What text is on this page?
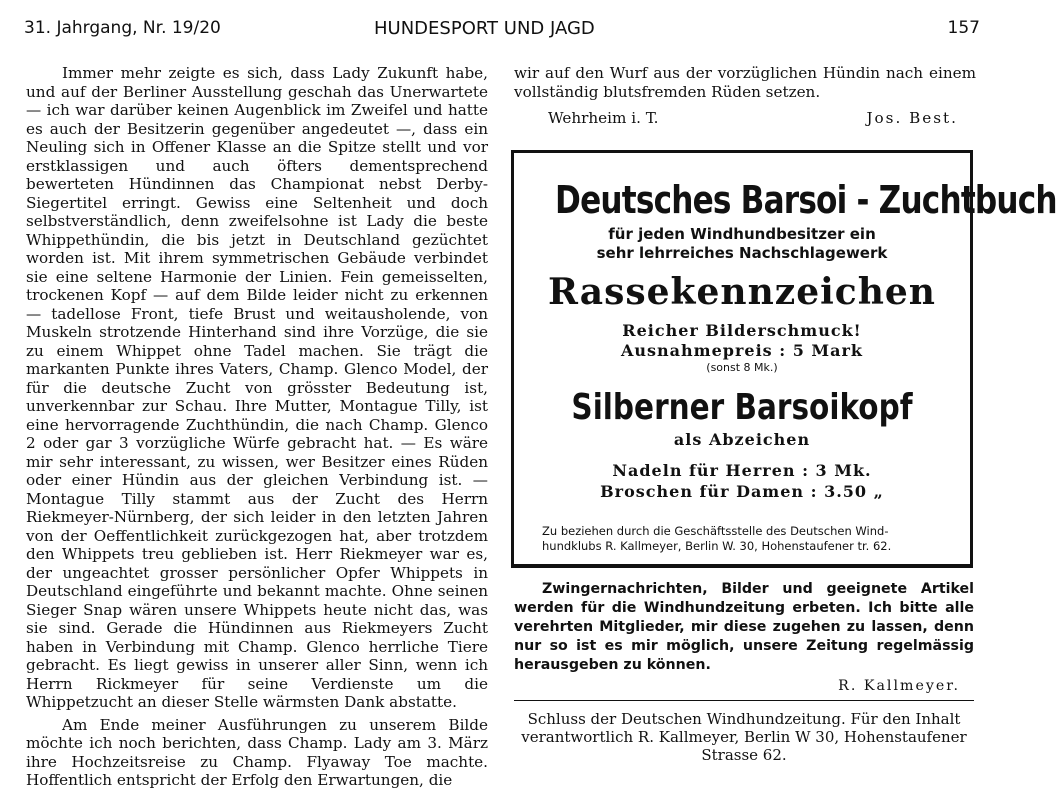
31. Jahrgang, Nr. 19/20	HUNDESPORT UND JAGD	157

Immer mehr zeigte es sich, dass Lady Zukunft habe, und auf der Berliner Ausstellung geschah das Unerwartete — ich war darüber keinen Augenblick im Zweifel und hatte es auch der Besitzerin gegenüber angedeutet —, dass ein Neuling sich in Offener Klasse an die Spitze stellt und vor erstklassigen und auch öfters dementsprechend bewerteten Hündinnen das Championat nebst Derby-Siegertitel erringt. Gewiss eine Seltenheit und doch selbstverständlich, denn zweifelsohne ist Lady die beste Whippethündin, die bis jetzt in Deutschland gezüchtet worden ist. Mit ihrem symmetrischen Gebäude verbindet sie eine seltene Harmonie der Linien. Fein gemeisselten, trockenen Kopf — auf dem Bilde leider nicht zu erkennen — tadellose Front, tiefe Brust und weitausholende, von Muskeln strotzende Hinterhand sind ihre Vorzüge, die sie zu einem Whippet ohne Tadel machen. Sie trägt die markanten Punkte ihres Vaters, Champ. Glenco Model, der für die deutsche Zucht von grösster Bedeutung ist, unverkennbar zur Schau. Ihre Mutter, Montague Tilly, ist eine hervorragende Zuchthündin, die nach Champ. Glenco 2 oder gar 3 vorzügliche Würfe gebracht hat. — Es wäre mir sehr interessant, zu wissen, wer Besitzer eines Rüden oder einer Hündin aus der gleichen Verbindung ist. — Montague Tilly stammt aus der Zucht des Herrn Riekmeyer-Nürnberg, der sich leider in den letzten Jahren von der Oeffentlichkeit zurückgezogen hat, aber trotzdem den Whippets treu geblieben ist. Herr Riekmeyer war es, der ungeachtet grosser persönlicher Opfer Whippets in Deutschland eingeführte und bekannt machte. Ohne seinen Sieger Snap wären unsere Whippets heute nicht das, was sie sind. Gerade die Hündinnen aus Riekmeyers Zucht haben in Verbindung mit Champ. Glenco herrliche Tiere gebracht. Es liegt gewiss in unserer aller Sinn, wenn ich Herrn Rickmeyer für seine Verdienste um die Whippetzucht an dieser Stelle wärmsten Dank abstatte.

Am Ende meiner Ausführungen zu unserem Bilde möchte ich noch berichten, dass Champ. Lady am 3. März ihre Hochzeitsreise zu Champ. Flyaway Toe machte. Hoffentlich entspricht der Erfolg den Erwartungen, die

wir auf den Wurf aus der vorzüglichen Hündin nach einem vollständig blutsfremden Rüden setzen.

Wehrheim i. T.	Jos. Best.
Deutsches Barsoi - Zuchtbuch
für jeden Windhundbesitzer ein
sehr lehrreiches Nachschlagewerk
Rassekennzeichen
Reicher Bilderschmuck!
Ausnahmepreis : 5 Mark
(sonst 8 Mk.)
Silberner Barsoikopf
als Abzeichen
Nadeln für Herren : 3 Mk.
Broschen für Damen : 3.50 „
Zu beziehen durch die Geschäftsstelle des Deutschen Wind-
hundklubs R. Kallmeyer, Berlin W. 30, Hohenstaufener tr. 62.

Zwingernachrichten, Bilder und geeignete Artikel werden für die Windhundzeitung erbeten. Ich bitte alle verehrten Mitglieder, mir diese zugehen zu lassen, denn nur so ist es mir möglich, unsere Zeitung regelmässig herausgeben zu können.

R. Kallmeyer.
Schluss der Deutschen Windhundzeitung. Für den Inhalt verantwortlich R. Kallmeyer, Berlin W 30, Hohenstaufener Strasse 62.
